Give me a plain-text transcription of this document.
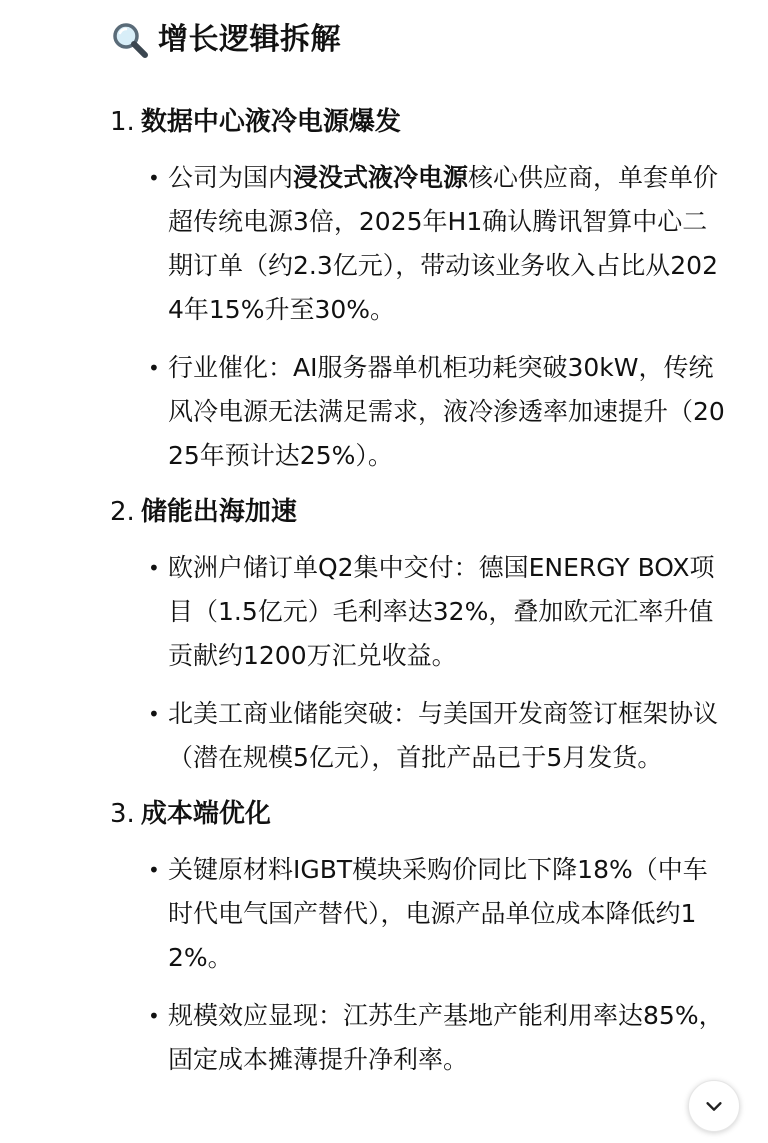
增长逻辑拆解
1. 数据中心液冷电源爆发
• 公司为国内浸没式液冷电源核心供应商，单套单价超传统电源3倍，2025年H1确认腾讯智算中心二期订单（约2.3亿元），带动该业务收入占比从2024年15%升至30%。
• 行业催化：AI服务器单机柜功耗突破30kW，传统风冷电源无法满足需求，液冷渗透率加速提升（2025年预计达25%）。
2. 储能出海加速
• 欧洲户储订单Q2集中交付：德国ENERGY BOX项目（1.5亿元）毛利率达32%，叠加欧元汇率升值贡献约1200万汇兑收益。
• 北美工商业储能突破：与美国开发商签订框架协议（潜在规模5亿元），首批产品已于5月发货。
3. 成本端优化
• 关键原材料IGBT模块采购价同比下降18%（中车时代电气国产替代），电源产品单位成本降低约12%。
• 规模效应显现：江苏生产基地产能利用率达85%，固定成本摊薄提升净利率。
